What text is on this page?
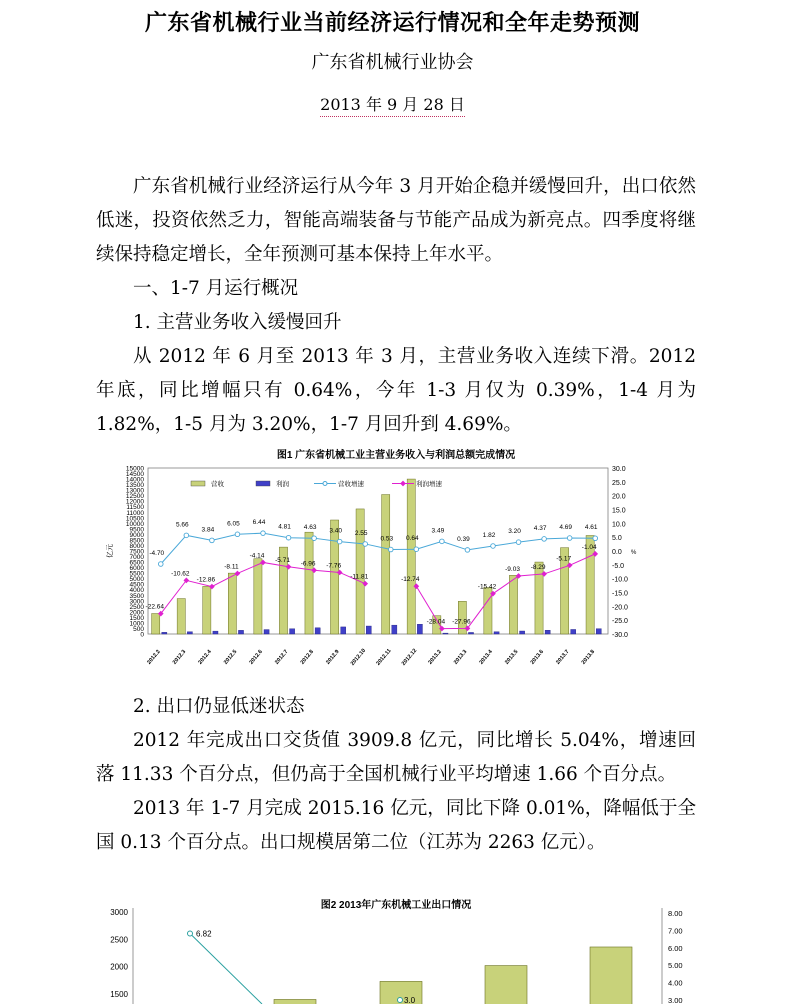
广东省机械行业当前经济运行情况和全年走势预测
广东省机械行业协会
2013 年 9 月 28 日

广东省机械行业经济运行从今年 3 月开始企稳并缓慢回升，出口依然低迷，投资依然乏力，智能高端装备与节能产品成为新亮点。四季度将继续保持稳定增长，全年预测可基本保持上年水平。

一、1-7 月运行概况

1. 主营业务收入缓慢回升

从 2012 年 6 月至 2013 年 3 月，主营业务收入连续下滑。2012 年底，同比增幅只有 0.64%，今年 1-3 月仅为 0.39%，1-4 月为 1.82%，1-5 月为 3.20%，1-7 月回升到 4.69%。

图1 广东省机械工业主营业务收入与利润总额完成情况
0
500
1000
1500
2000
2500
3000
3500
4000
4500
5000
5500
6000
6500
7000
7500
8000
8500
9000
9500
10000
10500
11000
11500
12000
12500
13000
13500
14000
14500
15000	30.0
25.0
20.0
15.0
10.0
5.0
0.0
-5.0
-10.0
-15.0
-20.0
-25.0
-30.0
亿元	%
2012.2 2012.3 2012.4 2012.5 2012.6 2012.7 2012.8 2012.9 2012.10 2012.11 2012.12 2013.2 2013.3 2013.4 2013.5 2013.6 2013.7 2013.8
-4.70
5.66
3.84
6.05 6.44
4.81 4.63 3.40 2.55
0.53 0.64
3.49
0.39
1.82
3.20 4.37 4.69 4.61
-22.64
-10.62
-12.86
-8.11
-4.14
-5.71 -6.96 -7.76
-11.81	-12.74
-28.04 -27.96
-15.42
-9.03 -8.29
-5.17
-1.04
营收	利润	营收增速	利润增速

2. 出口仍显低迷状态

2012 年完成出口交货值 3909.8 亿元，同比增长 5.04%，增速回落 11.33 个百分点，但仍高于全国机械行业平均增速 1.66 个百分点。

2013 年 1-7 月完成 2015.16 亿元，同比下降 0.01%，降幅低于全国 0.13 个百分点。出口规模居第二位（江苏为 2263 亿元）。

图2 2013年广东机械工业出口情况
3000
2500
2000
1500
8.00
7.00
6.00
5.00
4.00
3.00
6.82
3.0
